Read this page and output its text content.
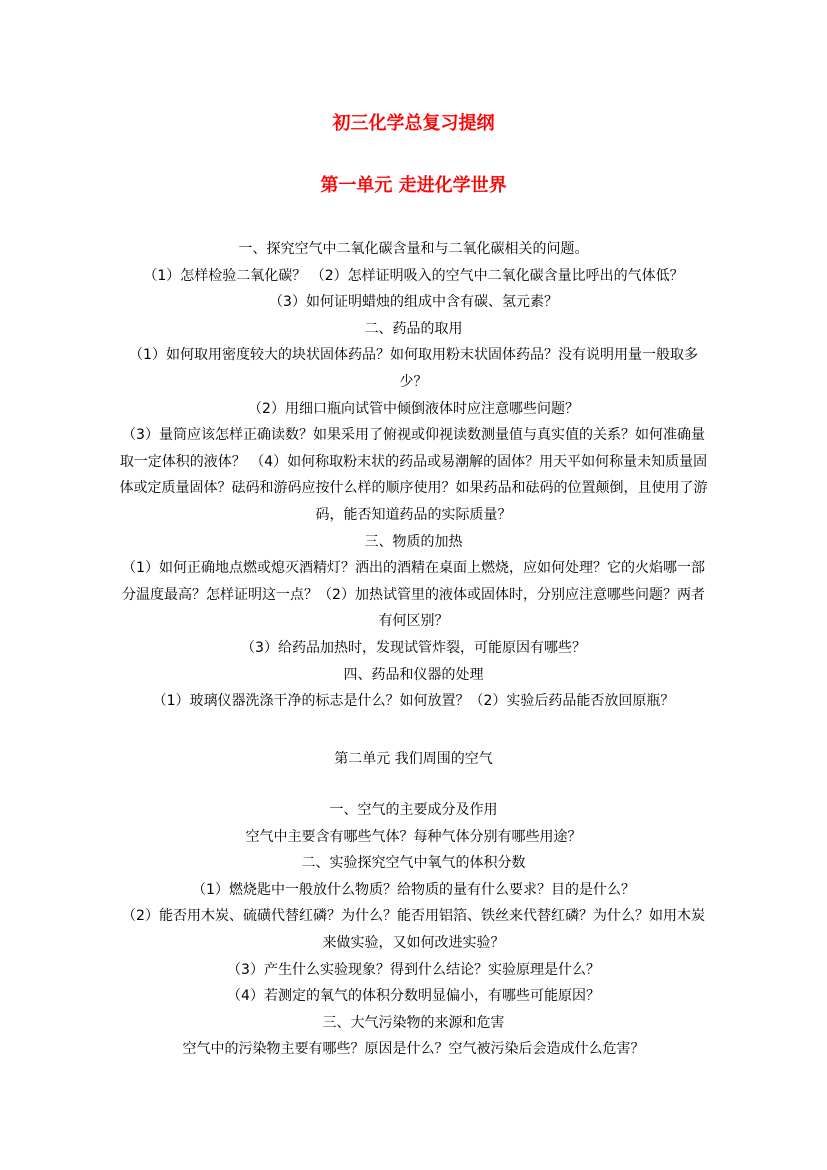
初三化学总复习提纲
第一单元 走进化学世界

一、探究空气中二氧化碳含量和与二氧化碳相关的问题。

（1）怎样检验二氧化碳？ （2）怎样证明吸入的空气中二氧化碳含量比呼出的气体低？

（3）如何证明蜡烛的组成中含有碳、氢元素？

二、药品的取用

（1）如何取用密度较大的块状固体药品？如何取用粉末状固体药品？没有说明用量一般取多少？

（2）用细口瓶向试管中倾倒液体时应注意哪些问题？

（3）量筒应该怎样正确读数？如果采用了俯视或仰视读数测量值与真实值的关系？如何准确量取一定体积的液体？ （4）如何称取粉末状的药品或易潮解的固体？用天平如何称量未知质量固体或定质量固体？砝码和游码应按什么样的顺序使用？如果药品和砝码的位置颠倒，且使用了游码，能否知道药品的实际质量？

三、物质的加热

（1）如何正确地点燃或熄灭酒精灯？洒出的酒精在桌面上燃烧，应如何处理？它的火焰哪一部分温度最高？怎样证明这一点？（2）加热试管里的液体或固体时，分别应注意哪些问题？两者有何区别？

（3）给药品加热时，发现试管炸裂，可能原因有哪些？

四、药品和仪器的处理

（1）玻璃仪器洗涤干净的标志是什么？如何放置？（2）实验后药品能否放回原瓶？

第二单元 我们周围的空气

一、空气的主要成分及作用

空气中主要含有哪些气体？每种气体分别有哪些用途？

二、实验探究空气中氧气的体积分数

（1）燃烧匙中一般放什么物质？给物质的量有什么要求？目的是什么？

（2）能否用木炭、硫磺代替红磷？为什么？能否用铝箔、铁丝来代替红磷？为什么？如用木炭来做实验，又如何改进实验？

（3）产生什么实验现象？得到什么结论？实验原理是什么？

（4）若测定的氧气的体积分数明显偏小，有哪些可能原因？

三、大气污染物的来源和危害

空气中的污染物主要有哪些？原因是什么？空气被污染后会造成什么危害？
